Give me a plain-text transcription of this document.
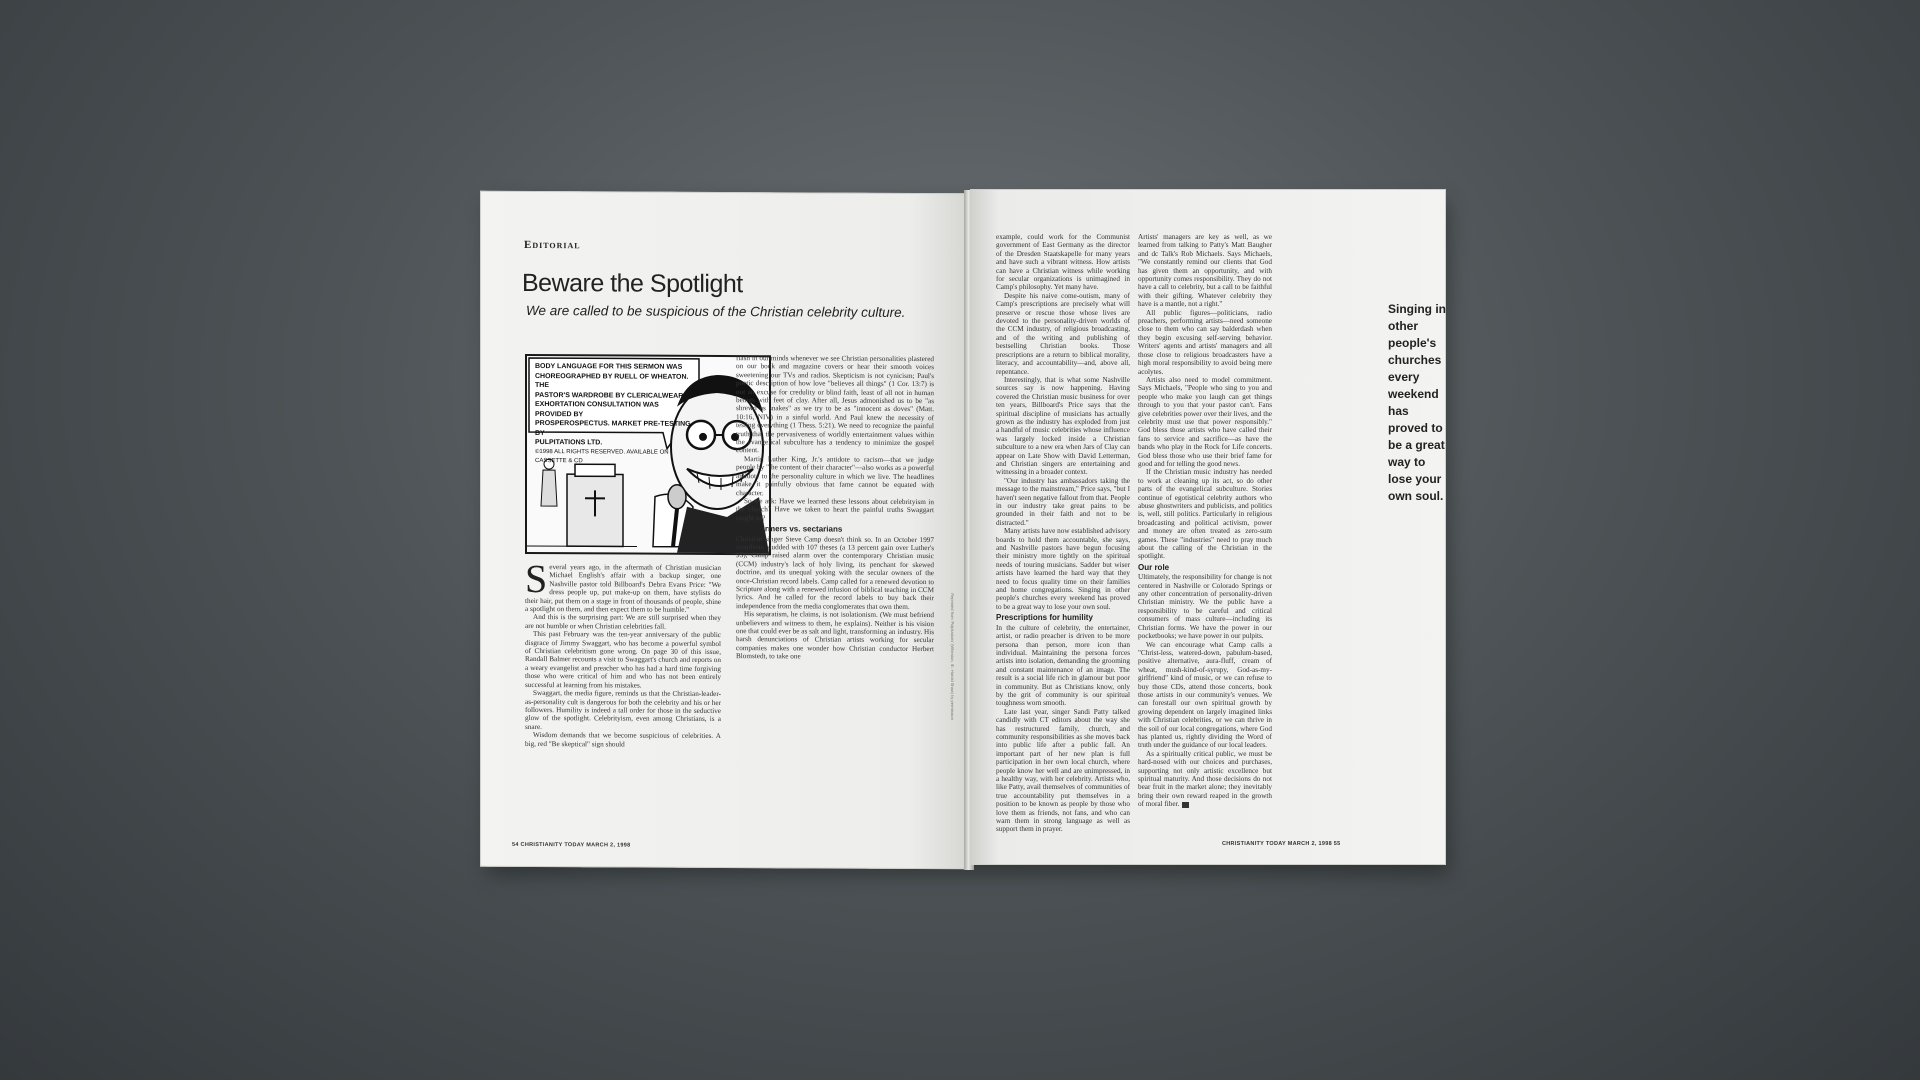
Editorial
Beware the Spotlight
We are called to be suspicious of the Christian celebrity culture.
BODY LANGUAGE FOR THIS SERMON WAS
CHOREOGRAPHED BY RUELL OF WHEATON. THE
PASTOR'S WARDROBE BY CLERICALWEAR.
EXHORTATION CONSULTATION WAS PROVIDED BY
PROSPEROSPECTUS. MARKET PRE-TESTING BY
PULPITATIONS LTD.
©1998 ALL RIGHTS RESERVED. AVAILABLE ON CASSETTE & CD

Several years ago, in the aftermath of Christian musician Michael English's affair with a backup singer, one Nashville pastor told Billboard's Debra Evans Price: "We dress people up, put make-up on them, have stylists do their hair, put them on a stage in front of thousands of people, shine a spotlight on them, and then expect them to be humble."

And this is the surprising part: We are still surprised when they are not humble or when Christian celebrities fall.

This past February was the ten-year anniversary of the public disgrace of Jimmy Swaggart, who has become a powerful symbol of Christian celebritism gone wrong. On page 30 of this issue, Randall Balmer recounts a visit to Swaggart's church and reports on a weary evangelist and preacher who has had a hard time forgiving those who were critical of him and who has not been entirely successful at learning from his mistakes.

Swaggart, the media figure, reminds us that the Christian-leader-as-personality cult is dangerous for both the celebrity and his or her followers. Humility is indeed a tall order for those in the seductive glow of the spotlight. Celebrityism, even among Christians, is a snare.

Wisdom demands that we become suspicious of celebrities. A big, red "Be skeptical" sign should

flash in our minds whenever we see Christian personalities plastered on our book and magazine covers or hear their smooth voices sweetening our TVs and radios. Skepticism is not cynicism; Paul's poetic description of how love "believes all things" (1 Cor. 13:7) is not an excuse for credulity or blind faith, least of all not in human beings with feet of clay. After all, Jesus admonished us to be "as shrewd as snakes" as we try to be as "innocent as doves" (Matt. 10:16, NIV) in a sinful world. And Paul knew the necessity of testing everything (1 Thess. 5:21). We need to recognize the painful truth that the pervasiveness of worldly entertainment values within the evangelical subculture has a tendency to minimize the gospel content.

Martin Luther King, Jr.'s antidote to racism—that we judge people by "the content of their character"—also works as a powerful antidote to the personality culture in which we live. The headlines make it painfully obvious that fame cannot be equated with character.

So we ask: Have we learned these lessons about celebrityism in the church? Have we taken to heart the painful truths Swaggart taught us?

Transformers vs. sectarians

Christian singer Steve Camp doesn't think so. In an October 1997 manifesto studded with 107 theses (a 13 percent gain over Luther's 95), Camp raised alarm over the contemporary Christian music (CCM) industry's lack of holy living, its penchant for skewed doctrine, and its unequal yoking with the secular owners of the once-Christian record labels. Camp called for a renewed devotion to Scripture along with a renewed infusion of biblical teaching in CCM lyrics. And he called for the record labels to buy back their independence from the media conglomerates that own them.

His separatism, he claims, is not isolationism. (We must befriend unbelievers and witness to them, he explains). Neither is his vision one that could ever be as salt and light, transforming an industry. His harsh denunciations of Christian artists working for secular companies makes one wonder how Christian conductor Herbert Blomstedt, to take one	Reprinted from 'Pulpitations' (Wheaton, Ill.: Harold Shaw) by permission
54 CHRISTIANITY TODAY MARCH 2, 1998

example, could work for the Communist government of East Germany as the director of the Dresden Staatskapelle for many years and have such a vibrant witness. How artists can have a Christian witness while working for secular organizations is unimagined in Camp's philosophy. Yet many have.

Despite his naive come-outism, many of Camp's prescriptions are precisely what will preserve or rescue those whose lives are devoted to the personality-driven worlds of the CCM industry, of religious broadcasting, and of the writing and publishing of bestselling Christian books. Those prescriptions are a return to biblical morality, literacy, and accountability—and, above all, repentance.

Interestingly, that is what some Nashville sources say is now happening. Having covered the Christian music business for over ten years, Billboard's Price says that the spiritual discipline of musicians has actually grown as the industry has exploded from just a handful of music celebrities whose influence was largely locked inside a Christian subculture to a new era when Jars of Clay can appear on Late Show with David Letterman, and Christian singers are entertaining and witnessing in a broader context.

"Our industry has ambassadors taking the message to the mainstream," Price says, "but I haven't seen negative fallout from that. People in our industry take great pains to be grounded in their faith and not to be distracted."

Many artists have now established advisory boards to hold them accountable, she says, and Nashville pastors have begun focusing their ministry more tightly on the spiritual needs of touring musicians. Sadder but wiser artists have learned the hard way that they need to focus quality time on their families and home congregations. Singing in other people's churches every weekend has proved to be a great way to lose your own soul.

Prescriptions for humility

In the culture of celebrity, the entertainer, artist, or radio preacher is driven to be more persona than person, more icon than individual. Maintaining the persona forces artists into isolation, demanding the grooming and constant maintenance of an image. The result is a social life rich in glamour but poor in community. But as Christians know, only by the grit of community is our spiritual toughness worn smooth.

Late last year, singer Sandi Patty talked candidly with CT editors about the way she has restructured family, church, and community responsibilities as she moves back into public life after a public fall. An important part of her new plan is full participation in her own local church, where people know her well and are unimpressed, in a healthy way, with her celebrity. Artists who, like Patty, avail themselves of communities of true accountability put themselves in a position to be known as people by those who love them as friends, not fans, and who can warn them in strong language as well as support them in prayer.

Artists' managers are key as well, as we learned from talking to Patty's Matt Baugher and dc Talk's Rob Michaels. Says Michaels, "We constantly remind our clients that God has given them an opportunity, and with opportunity comes responsibility. They do not have a call to celebrity, but a call to be faithful with their gifting. Whatever celebrity they have is a mantle, not a right."

All public figures—politicians, radio preachers, performing artists—need someone close to them who can say balderdash when they begin excusing self-serving behavior. Writers' agents and artists' managers and all those close to religious broadcasters have a high moral responsibility to avoid being mere acolytes.

Artists also need to model commitment. Says Michaels, "People who sing to you and people who make you laugh can get things through to you that your pastor can't. Fans give celebrities power over their lives, and the celebrity must use that power responsibly." God bless those artists who have called their fans to service and sacrifice—as have the bands who play in the Rock for Life concerts. God bless those who use their brief fame for good and for telling the good news.

If the Christian music industry has needed to work at cleaning up its act, so do other parts of the evangelical subculture. Stories continue of egotistical celebrity authors who abuse ghostwriters and publicists, and politics is, well, still politics. Particularly in religious broadcasting and political activism, power and money are often treated as zero-sum games. These "industries" need to pray much about the calling of the Christian in the spotlight.

Our role

Ultimately, the responsibility for change is not centered in Nashville or Colorado Springs or any other concentration of personality-driven Christian ministry. We the public have a responsibility to be careful and critical consumers of mass culture—including its Christian forms. We have the power in our pocketbooks; we have power in our pulpits.

We can encourage what Camp calls a "Christ-less, watered-down, pabulum-based, positive alternative, aura-fluff, cream of wheat, mush-kind-of-syrupy, God-as-my-girlfriend" kind of music, or we can refuse to buy those CDs, attend those concerts, book those artists in our community's venues. We can forestall our own spiritual growth by growing dependent on largely imagined links with Christian celebrities, or we can thrive in the soil of our local congregations, where God has planted us, rightly dividing the Word of truth under the guidance of our local leaders.

As a spiritually critical public, we must be hard-nosed with our choices and purchases, supporting not only artistic excellence but spiritual maturity. And those decisions do not bear fruit in the market alone; they inevitably bring their own reward reaped in the growth of moral fiber.

Singing in other people's churches every weekend has proved to be a great way to lose your own soul.
CHRISTIANITY TODAY MARCH 2, 1998 55
